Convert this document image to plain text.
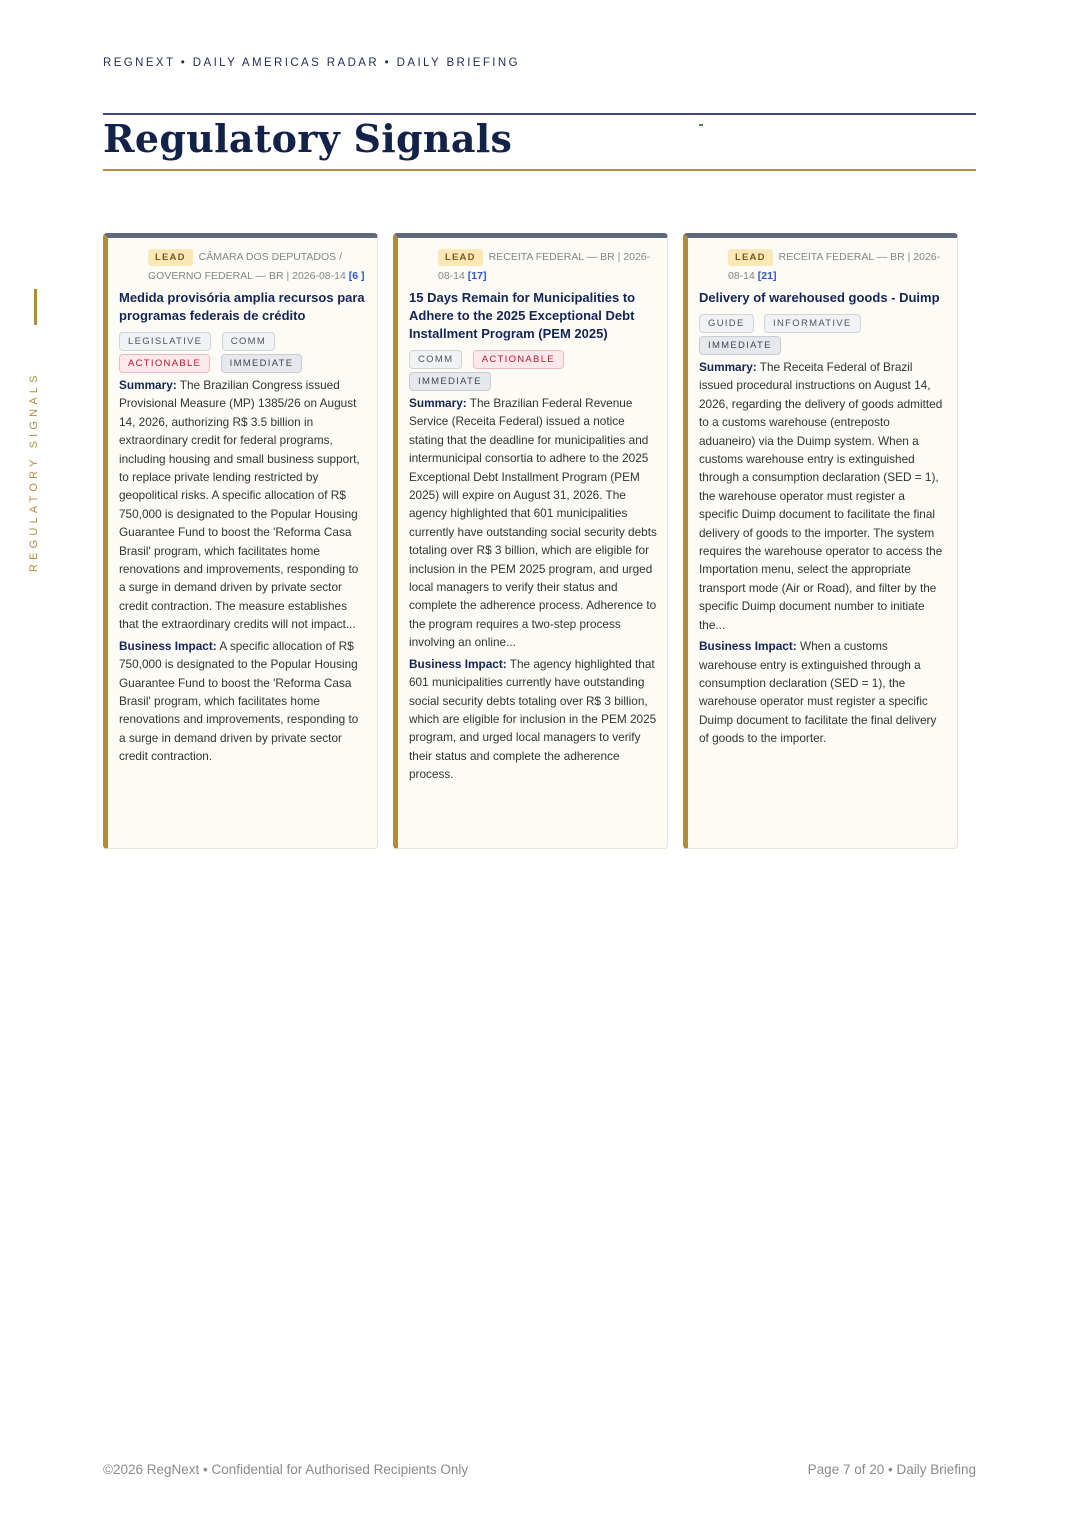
REGNEXT • DAILY AMERICAS RADAR • DAILY BRIEFING
Regulatory Signals
REGULATORY SIGNALS
LEAD CÂMARA DOS DEPUTADOS / GOVERNO FEDERAL — BR | 2026-08-14 [6 ]
Medida provisória amplia recursos para programas federais de crédito
LEGISLATIVE	COMM ACTIONABLE	IMMEDIATE

Summary: The Brazilian Congress issued Provisional Measure (MP) 1385/26 on August 14, 2026, authorizing R$ 3.5 billion in extraordinary credit for federal programs, including housing and small business support, to replace private lending restricted by geopolitical risks. A specific allocation of R$ 750,000 is designated to the Popular Housing Guarantee Fund to boost the 'Reforma Casa Brasil' program, which facilitates home renovations and improvements, responding to a surge in demand driven by private sector credit contraction. The measure establishes that the extraordinary credits will not impact...

Business Impact: A specific allocation of R$ 750,000 is designated to the Popular Housing Guarantee Fund to boost the 'Reforma Casa Brasil' program, which facilitates home renovations and improvements, responding to a surge in demand driven by private sector credit contraction.

LEAD RECEITA FEDERAL — BR | 2026-08-14 [17]
15 Days Remain for Municipalities to Adhere to the 2025 Exceptional Debt Installment Program (PEM 2025)
COMM	ACTIONABLE IMMEDIATE

Summary: The Brazilian Federal Revenue Service (Receita Federal) issued a notice stating that the deadline for municipalities and intermunicipal consortia to adhere to the 2025 Exceptional Debt Installment Program (PEM 2025) will expire on August 31, 2026. The agency highlighted that 601 municipalities currently have outstanding social security debts totaling over R$ 3 billion, which are eligible for inclusion in the PEM 2025 program, and urged local managers to verify their status and complete the adherence process. Adherence to the program requires a two-step process involving an online...

Business Impact: The agency highlighted that 601 municipalities currently have outstanding social security debts totaling over R$ 3 billion, which are eligible for inclusion in the PEM 2025 program, and urged local managers to verify their status and complete the adherence process.

LEAD RECEITA FEDERAL — BR | 2026-08-14 [21]
Delivery of warehoused goods - Duimp
GUIDE	INFORMATIVE IMMEDIATE

Summary: The Receita Federal of Brazil issued procedural instructions on August 14, 2026, regarding the delivery of goods admitted to a customs warehouse (entreposto aduaneiro) via the Duimp system. When a customs warehouse entry is extinguished through a consumption declaration (SED = 1), the warehouse operator must register a specific Duimp document to facilitate the final delivery of goods to the importer. The system requires the warehouse operator to access the Importation menu, select the appropriate transport mode (Air or Road), and filter by the specific Duimp document number to initiate the...

Business Impact: When a customs warehouse entry is extinguished through a consumption declaration (SED = 1), the warehouse operator must register a specific Duimp document to facilitate the final delivery of goods to the importer.

©2026 RegNext • Confidential for Authorised Recipients Only	Page 7 of 20 • Daily Briefing
